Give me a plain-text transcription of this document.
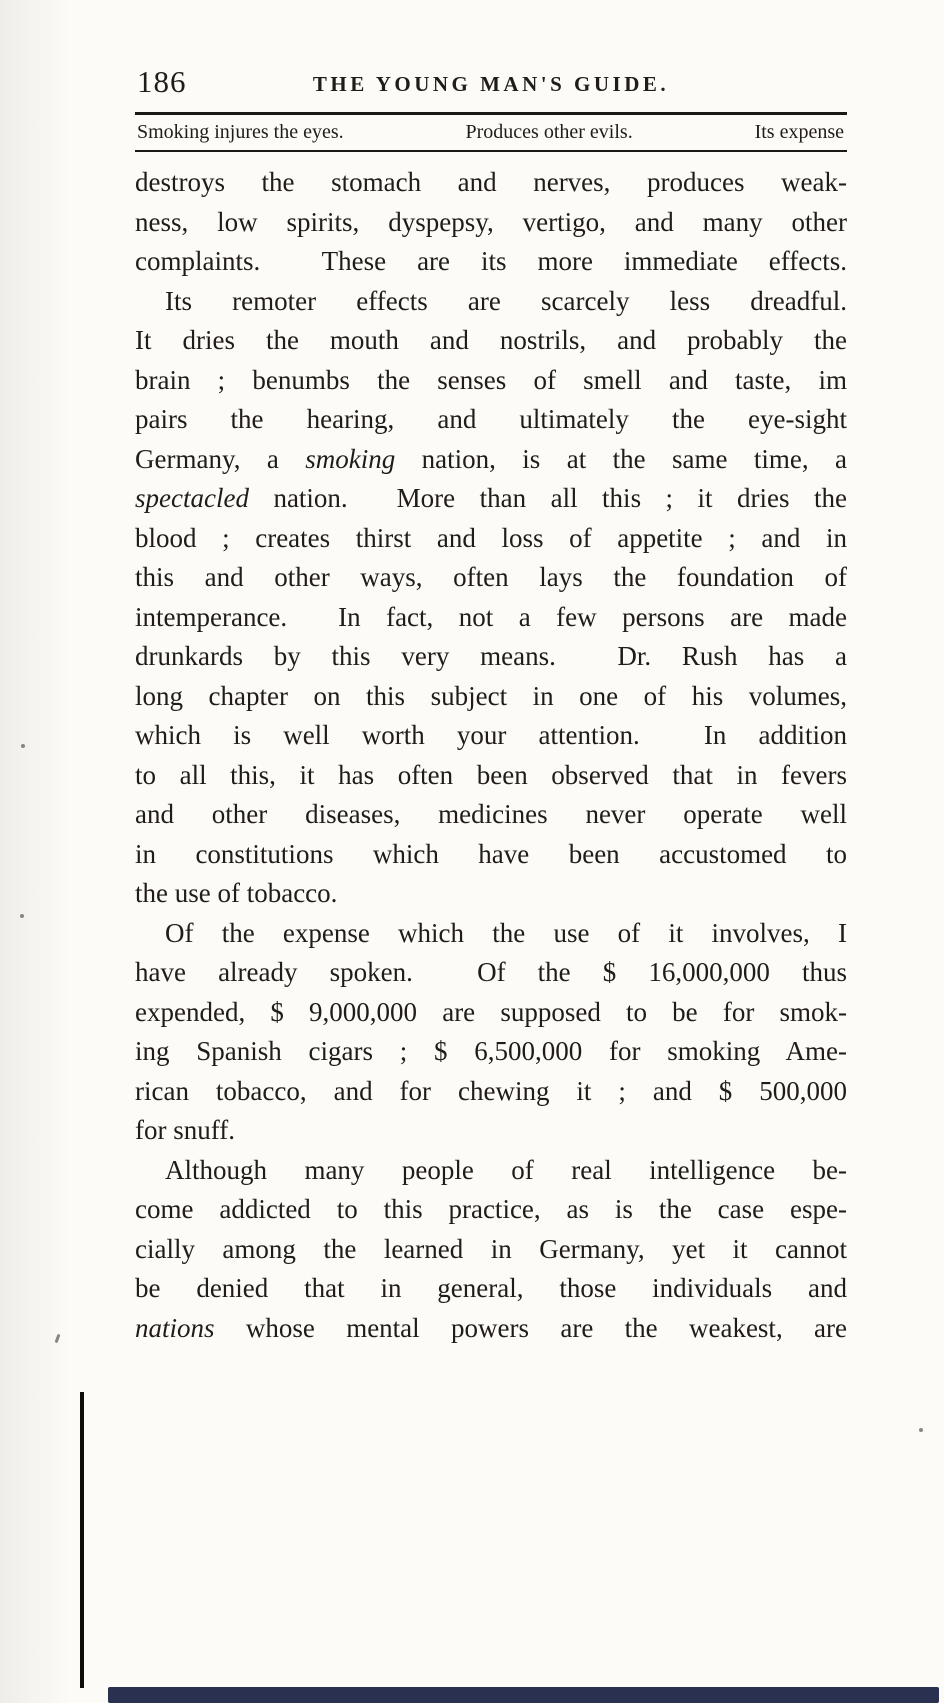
186	THE YOUNG MAN'S GUIDE.
Smoking injures the eyes.	Produces other evils.	Its expense

destroys the stomach and nerves, produces weak-
ness, low spirits, dyspepsy, vertigo, and many other
complaints.  These are its more immediate effects.

Its remoter effects are scarcely less dreadful.
It dries the mouth and nostrils, and probably the
brain ; benumbs the senses of smell and taste, im
pairs the hearing, and ultimately the eye-sight
Germany, a smoking nation, is at the same time, a
spectacled nation.  More than all this ; it dries the
blood ; creates thirst and loss of appetite ; and in
this and other ways, often lays the foundation of
intemperance.  In fact, not a few persons are made
drunkards by this very means.  Dr. Rush has a
long chapter on this subject in one of his volumes,
which is well worth your attention.  In addition
to all this, it has often been observed that in fevers
and other diseases, medicines never operate well
in constitutions which have been accustomed to
the use of tobacco.

Of the expense which the use of it involves, I
have already spoken.  Of the $ 16,000,000 thus
expended, $ 9,000,000 are supposed to be for smok-
ing Spanish cigars ; $ 6,500,000 for smoking Ame-
rican tobacco, and for chewing it ; and $ 500,000
for snuff.

Although many people of real intelligence be-
come addicted to this practice, as is the case espe-
cially among the learned in Germany, yet it cannot
be denied that in general, those individuals and
nations whose mental powers are the weakest, are
